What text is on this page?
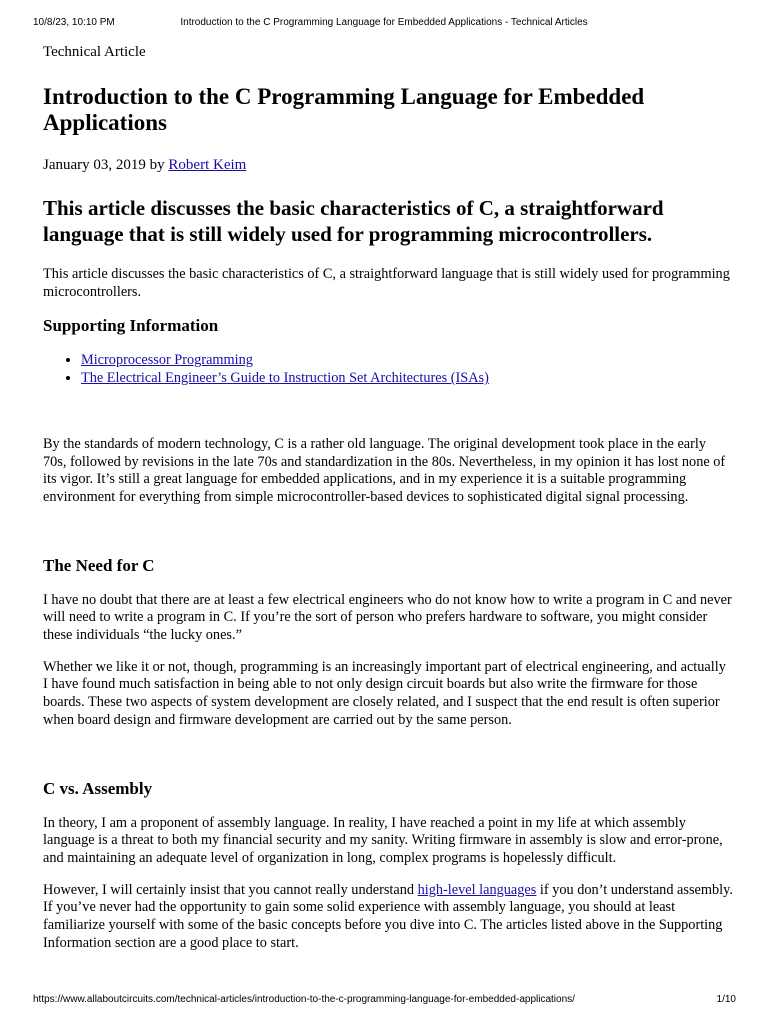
10/8/23, 10:10 PM	Introduction to the C Programming Language for Embedded Applications - Technical Articles
Technical Article
Introduction to the C Programming Language for Embedded Applications
January 03, 2019 by Robert Keim
This article discusses the basic characteristics of C, a straightforward language that is still widely used for programming microcontrollers.

This article discusses the basic characteristics of C, a straightforward language that is still widely used for programming microcontrollers.

Supporting Information
• Microprocessor Programming
• The Electrical Engineer’s Guide to Instruction Set Architectures (ISAs)

By the standards of modern technology, C is a rather old language. The original development took place in the early 70s, followed by revisions in the late 70s and standardization in the 80s. Nevertheless, in my opinion it has lost none of its vigor. It’s still a great language for embedded applications, and in my experience it is a suitable programming environment for everything from simple microcontroller-based devices to sophisticated digital signal processing.

The Need for C

I have no doubt that there are at least a few electrical engineers who do not know how to write a program in C and never will need to write a program in C. If you’re the sort of person who prefers hardware to software, you might consider these individuals “the lucky ones.”

Whether we like it or not, though, programming is an increasingly important part of electrical engineering, and actually I have found much satisfaction in being able to not only design circuit boards but also write the firmware for those boards. These two aspects of system development are closely related, and I suspect that the end result is often superior when board design and firmware development are carried out by the same person.

C vs. Assembly

In theory, I am a proponent of assembly language. In reality, I have reached a point in my life at which assembly language is a threat to both my financial security and my sanity. Writing firmware in assembly is slow and error-prone, and maintaining an adequate level of organization in long, complex programs is hopelessly difficult.

However, I will certainly insist that you cannot really understand high-level languages if you don’t understand assembly. If you’ve never had the opportunity to gain some solid experience with assembly language, you should at least familiarize yourself with some of the basic concepts before you dive into C. The articles listed above in the Supporting Information section are a good place to start.

https://www.allaboutcircuits.com/technical-articles/introduction-to-the-c-programming-language-for-embedded-applications/	1/10
